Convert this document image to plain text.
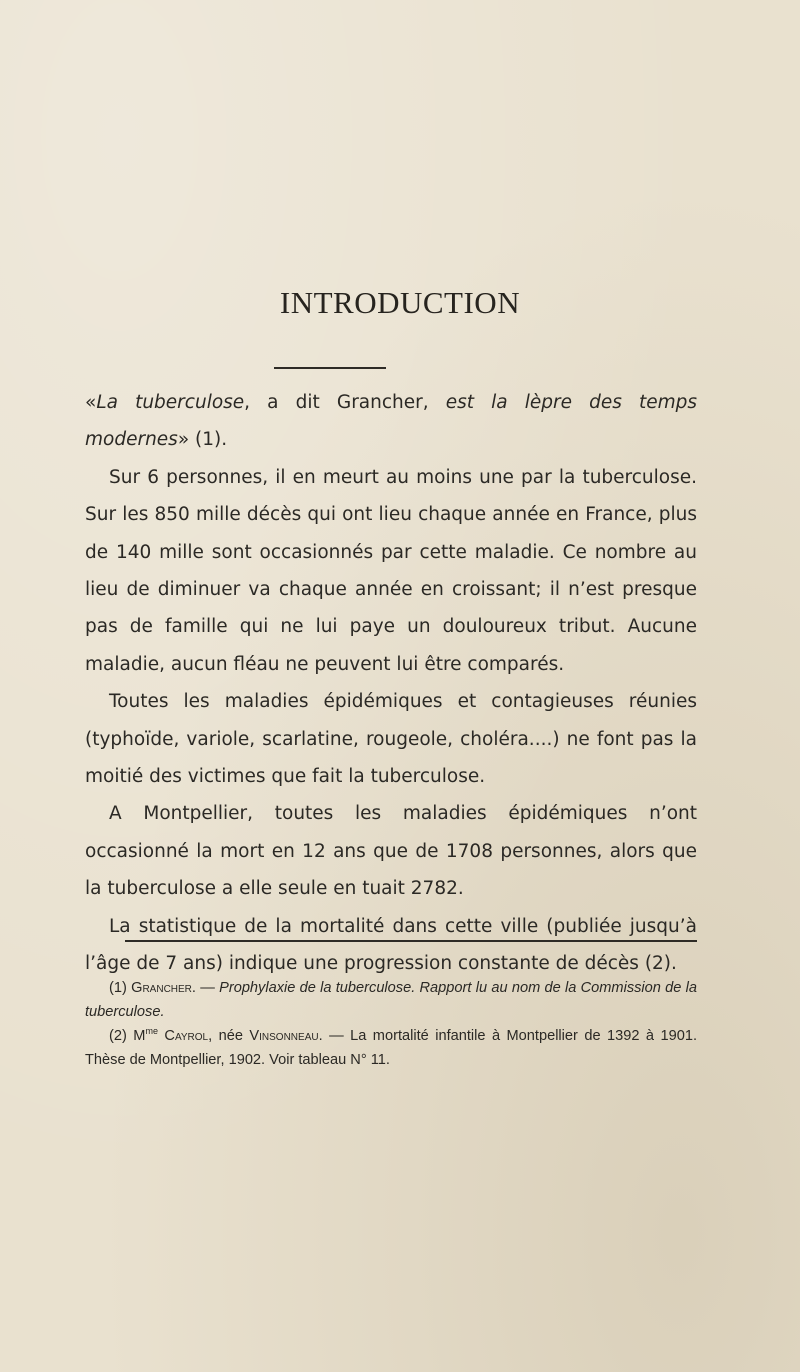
INTRODUCTION

«La tuberculose, a dit Grancher, est la lèpre des temps modernes» (1).

Sur 6 personnes, il en meurt au moins une par la tuberculose. Sur les 850 mille décès qui ont lieu chaque année en France, plus de 140 mille sont occasionnés par cette maladie. Ce nombre au lieu de diminuer va chaque année en croissant; il n’est presque pas de famille qui ne lui paye un douloureux tribut. Aucune maladie, aucun fléau ne peuvent lui être comparés.

Toutes les maladies épidémiques et contagieuses réunies (typhoïde, variole, scarlatine, rougeole, choléra....) ne font pas la moitié des victimes que fait la tuberculose.

A Montpellier, toutes les maladies épidémiques n’ont occasionné la mort en 12 ans que de 1708 personnes, alors que la tuberculose a elle seule en tuait 2782.

La statistique de la mortalité dans cette ville (publiée jusqu’à l’âge de 7 ans) indique une progression constante de décès (2).

(1) Grancher. — Prophylaxie de la tuberculose. Rapport lu au nom de la Commission de la tuberculose.

(2) $M^{me}$ Cayrol, née Vinsonneau. — La mortalité infantile à Montpellier de 1392 à 1901. Thèse de Montpellier, 1902. Voir tableau N° 11.
